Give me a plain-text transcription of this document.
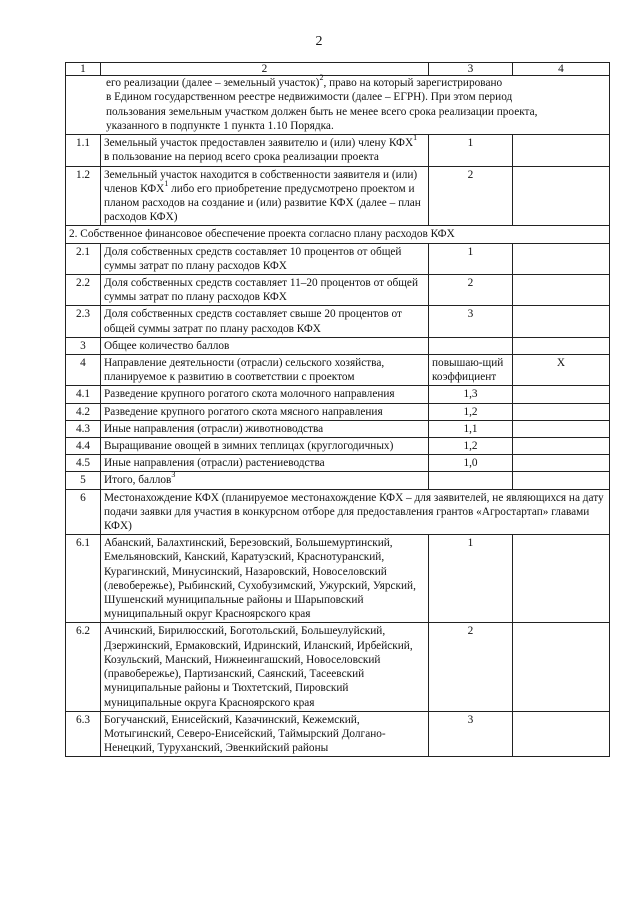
2
1	2	3	4
его реализации (далее – земельный участок)$^2$, право на который зарегистрировано
в Едином государственном реестре недвижимости (далее – ЕГРН). При этом период
пользования земельным участком должен быть не менее всего срока реализации проекта,
указанного в подпункте 1 пункта 1.10 Порядка.			
1.1	Земельный участок предоставлен заявителю и (или) члену КФХ$^1$ в пользование на период всего срока реализации проекта	1	
1.2	Земельный участок находится в собственности заявителя и (или) членов КФХ$^1$ либо его приобретение предусмотрено проектом и планом расходов на создание и (или) развитие КФХ (далее – план расходов КФХ)	2	
2. Собственное финансовое обеспечение проекта согласно плану расходов КФХ			
2.1	Доля собственных средств составляет 10 процентов от общей суммы затрат по плану расходов КФХ	1	
2.2	Доля собственных средств составляет 11–20 процентов от общей суммы затрат по плану расходов КФХ	2	
2.3	Доля собственных средств составляет свыше 20 процентов от общей суммы затрат по плану расходов КФХ	3	
3	Общее количество баллов		
4	Направление деятельности (отрасли) сельского хозяйства, планируемое к развитию в соответствии с проектом	повышаю-щий коэффициент	X
4.1	Разведение крупного рогатого скота молочного направления	1,3	
4.2	Разведение крупного рогатого скота мясного направления	1,2	
4.3	Иные направления (отрасли) животноводства	1,1	
4.4	Выращивание овощей в зимних теплицах (круглогодичных)	1,2	
4.5	Иные направления (отрасли) растениеводства	1,0	
5	Итого, баллов$^3$		
6	Местонахождение КФХ (планируемое местонахождение КФХ – для заявителей, не являющихся на дату подачи заявки для участия в конкурсном отборе для предоставления грантов «Агростартап» главами КФХ)		
6.1	Абанский, Балахтинский, Березовский, Большемуртинский, Емельяновский, Канский, Каратузский, Краснотуранский, Курагинский, Минусинский, Назаровский, Новоселовский (левобережье), Рыбинский, Сухобузимский, Ужурский, Уярский, Шушенский муниципальные районы и Шарыповский муниципальный округ Красноярского края	1	
6.2	Ачинский, Бирилюсский, Боготольский, Большеулуйский, Дзержинский, Ермаковский, Идринский, Иланский, Ирбейский, Козульский, Манский, Нижнеингашский, Новоселовский (правобережье), Партизанский, Саянский, Тасеевский муниципальные районы и Тюхтетский, Пировский муниципальные округа Красноярского края	2	
6.3	Богучанский, Енисейский, Казачинский, Кежемский, Мотыгинский, Северо-Енисейский, Таймырский Долгано-Ненецкий, Туруханский, Эвенкийский районы	3	
